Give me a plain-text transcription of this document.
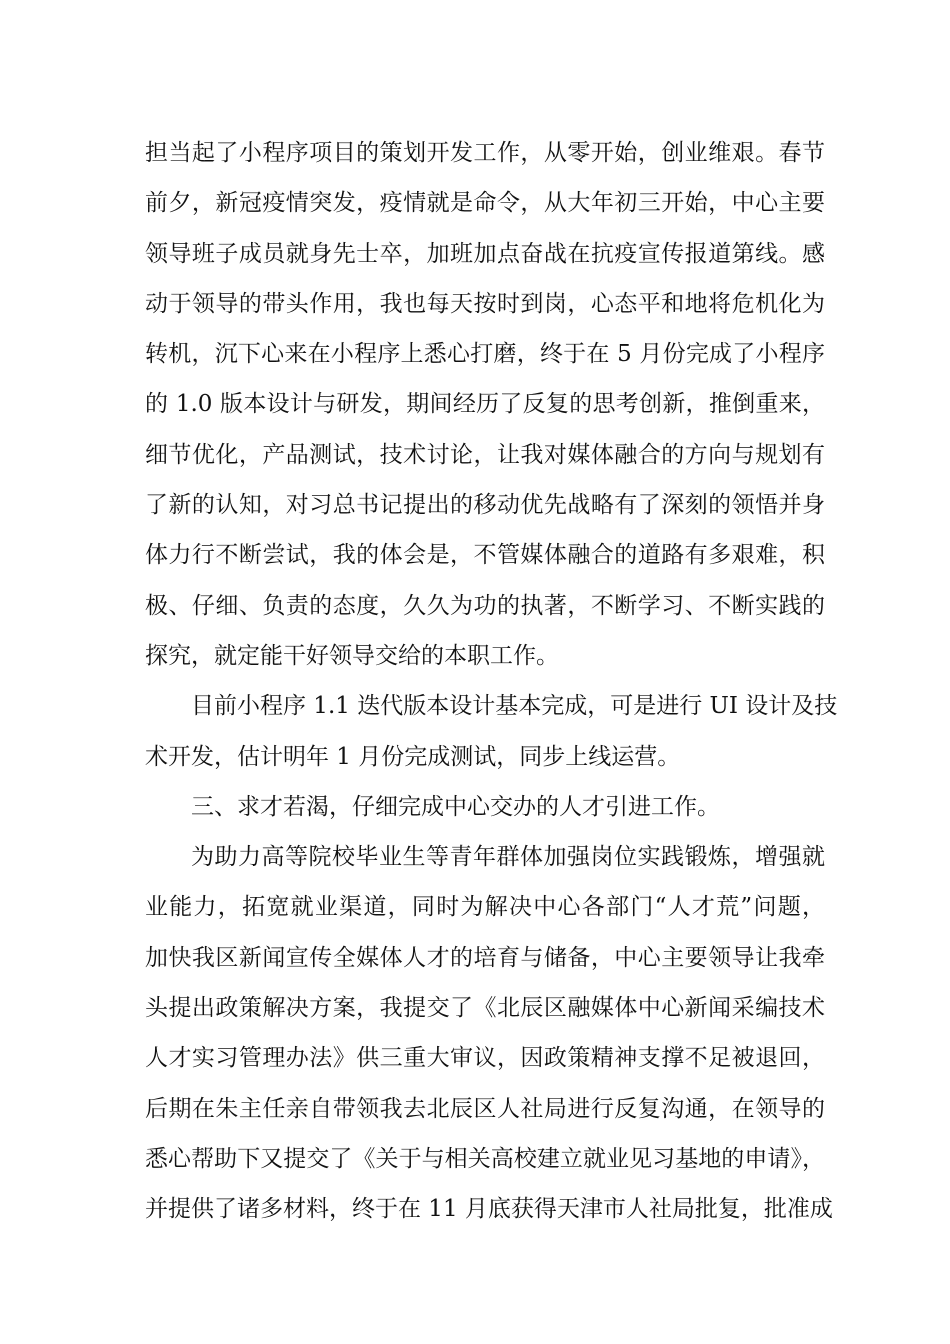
担当起了小程序项目的策划开发工作，从零开始，创业维艰。春节
前夕，新冠疫情突发，疫情就是命令，从大年初三开始，中心主要
领导班子成员就身先士卒，加班加点奋战在抗疫宣传报道第线。感
动于领导的带头作用，我也每天按时到岗，心态平和地将危机化为
转机，沉下心来在小程序上悉心打磨，终于在 5 月份完成了小程序
的 1.0 版本设计与研发，期间经历了反复的思考创新，推倒重来，
细节优化，产品测试，技术讨论，让我对媒体融合的方向与规划有
了新的认知，对习总书记提出的移动优先战略有了深刻的领悟并身
体力行不断尝试，我的体会是，不管媒体融合的道路有多艰难，积
极、仔细、负责的态度，久久为功的执著，不断学习、不断实践的
探究，就定能干好领导交给的本职工作。
目前小程序 1.1 迭代版本设计基本完成，可是进行 UI 设计及技
术开发，估计明年 1 月份完成测试，同步上线运营。
三、求才若渴，仔细完成中心交办的人才引进工作。
为助力高等院校毕业生等青年群体加强岗位实践锻炼，增强就
业能力，拓宽就业渠道，同时为解决中心各部门“人才荒”问题，
加快我区新闻宣传全媒体人才的培育与储备，中心主要领导让我牵
头提出政策解决方案，我提交了《北辰区融媒体中心新闻采编技术
人才实习管理办法》供三重大审议，因政策精神支撑不足被退回，
后期在朱主任亲自带领我去北辰区人社局进行反复沟通，在领导的
悉心帮助下又提交了《关于与相关高校建立就业见习基地的申请》，
并提供了诸多材料，终于在 11 月底获得天津市人社局批复，批准成
